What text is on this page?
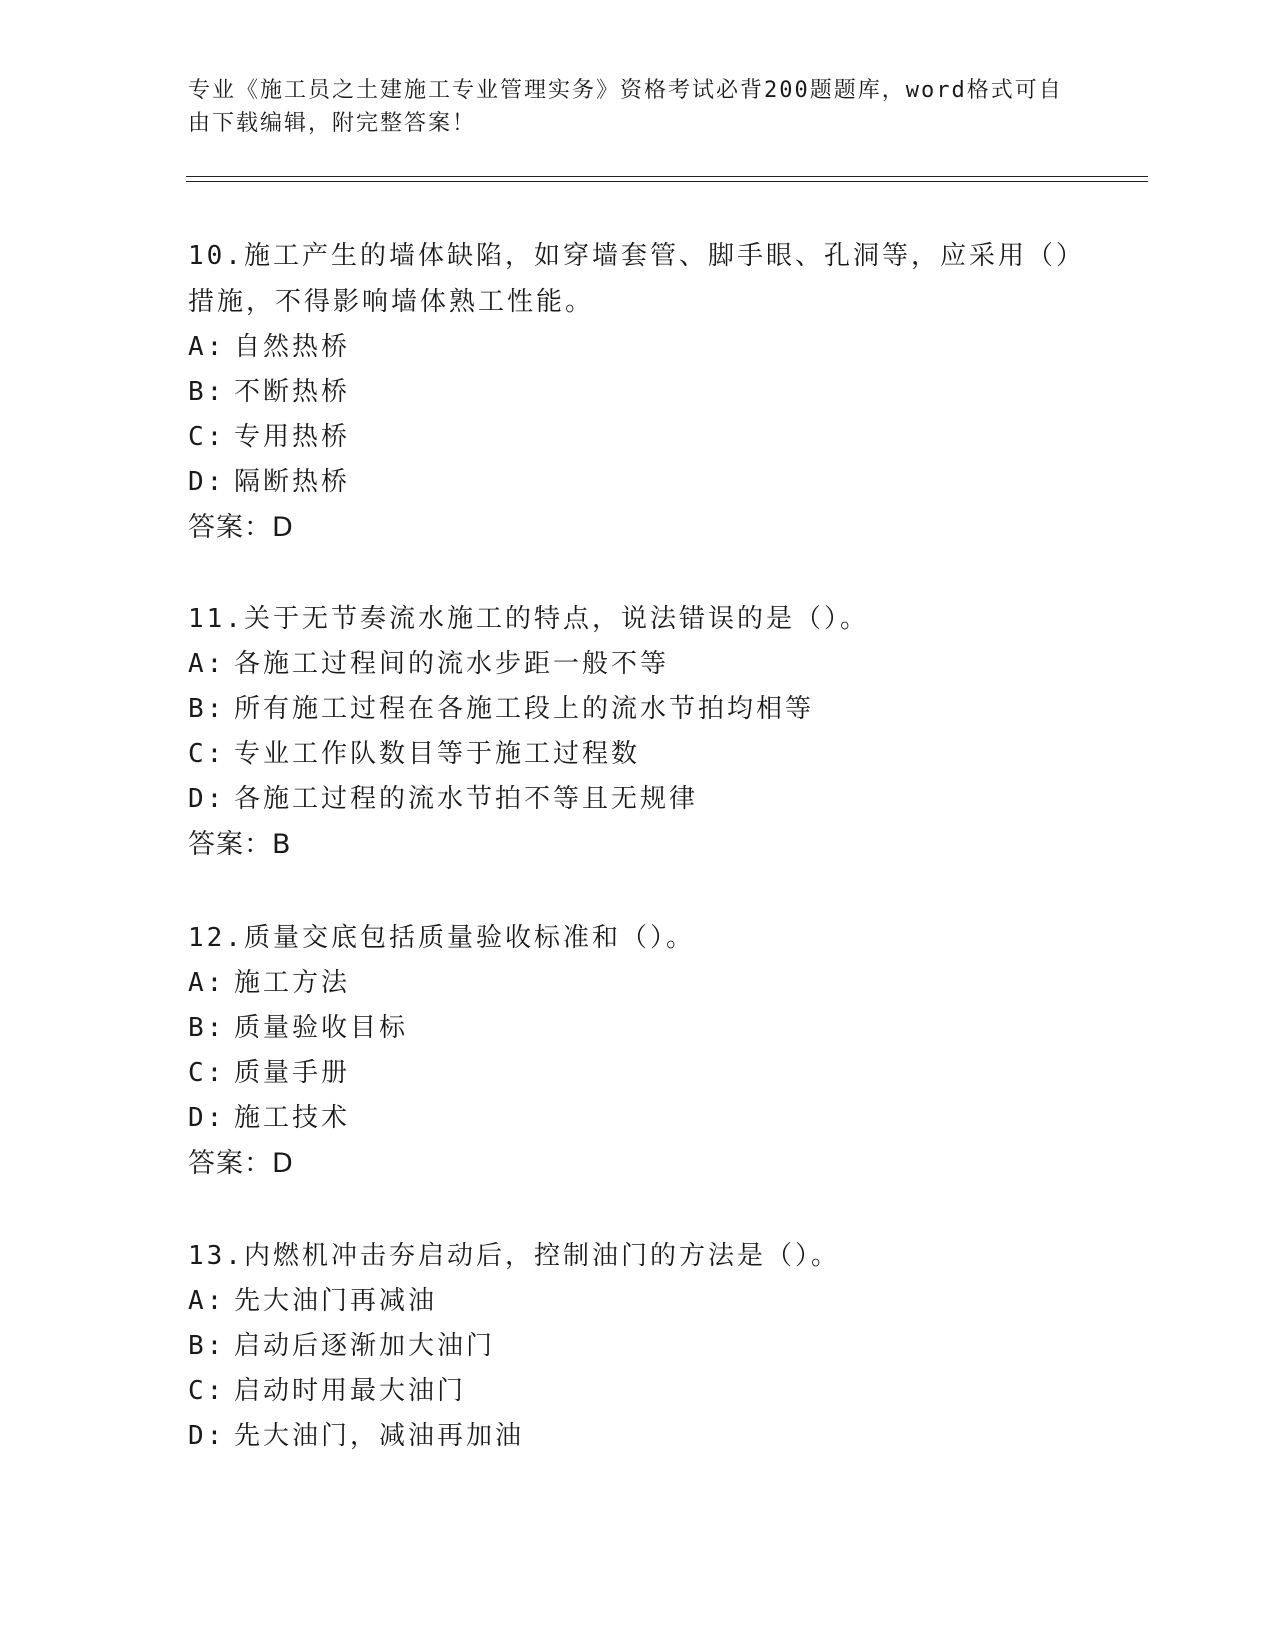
专业《施工员之土建施工专业管理实务》资格考试必背200题题库，word格式可自由下载编辑，附完整答案！

10.施工产生的墙体缺陷，如穿墙套管、脚手眼、孔洞等，应采用（）措施，不得影响墙体熟工性能。

A: 自然热桥
B: 不断热桥
C: 专用热桥
D: 隔断热桥
答案：D

11.关于无节奏流水施工的特点，说法错误的是（）。

A: 各施工过程间的流水步距一般不等
B: 所有施工过程在各施工段上的流水节拍均相等
C: 专业工作队数目等于施工过程数
D: 各施工过程的流水节拍不等且无规律
答案：B

12.质量交底包括质量验收标准和（）。

A: 施工方法
B: 质量验收目标
C: 质量手册
D: 施工技术
答案：D

13.内燃机冲击夯启动后，控制油门的方法是（）。

A: 先大油门再减油
B: 启动后逐渐加大油门
C: 启动时用最大油门
D: 先大油门，减油再加油
